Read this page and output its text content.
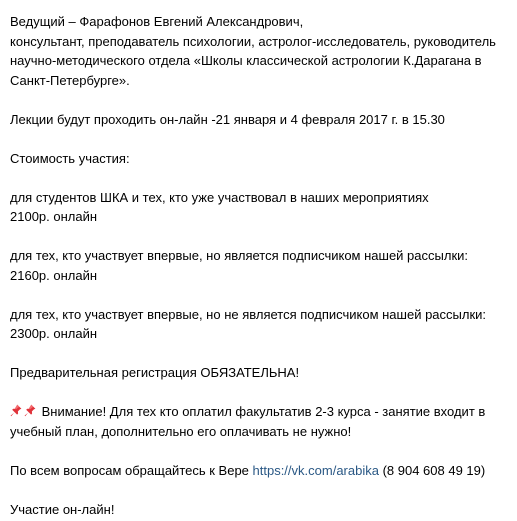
Ведущий – Фарафонов Евгений Александрович,

консультант, преподаватель психологии, астролог-исследователь, руководитель

научно-методического отдела «Школы классической астрологии К.Дарагана в

Санкт-Петербурге».

Лекции будут проходить он-лайн -21 января и 4 февраля 2017 г. в 15.30

Стоимость участия:

для студентов ШКА и тех, кто уже участвовал в наших мероприятиях

2100р. онлайн

для тех, кто участвует впервые, но является подписчиком нашей рассылки:

2160р. онлайн

для тех, кто участвует впервые, но не является подписчиком нашей рассылки:

2300р. онлайн

Предварительная регистрация ОБЯЗАТЕЛЬНА!

Внимание! Для тех кто оплатил факультатив 2-3 курса - занятие входит в

учебный план, дополнительно его оплачивать не нужно!

По всем вопросам обращайтесь к Вере https://vk.com/arabika (8 904 608 49 19)

Участие он-лайн!
